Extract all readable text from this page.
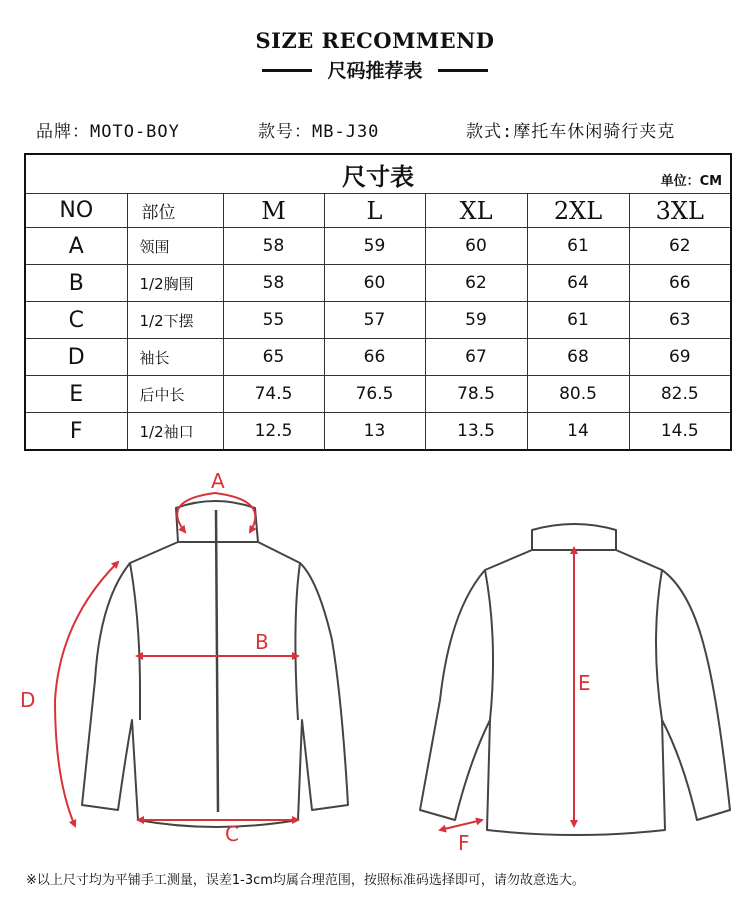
SIZE RECOMMEND
尺码推荐表
品牌：MOTO-BOY	款号：MB-J30	款式:摩托车休闲骑行夹克
尺寸表 单位：CM						

NO	部位	M	L	XL	2XL	3XL
A	领围	58	59	60	61	62
B	1/2胸围	58	60	62	64	66
C	1/2下摆	55	57	59	61	63
D	袖长	65	66	67	68	69
E	后中长	74.5	76.5	78.5	80.5	82.5
F	1/2袖口	12.5	13	13.5	14	14.5
A
B
C
D
E
F
※以上尺寸均为平铺手工测量，误差1-3cm均属合理范围，按照标准码选择即可，请勿故意选大。
